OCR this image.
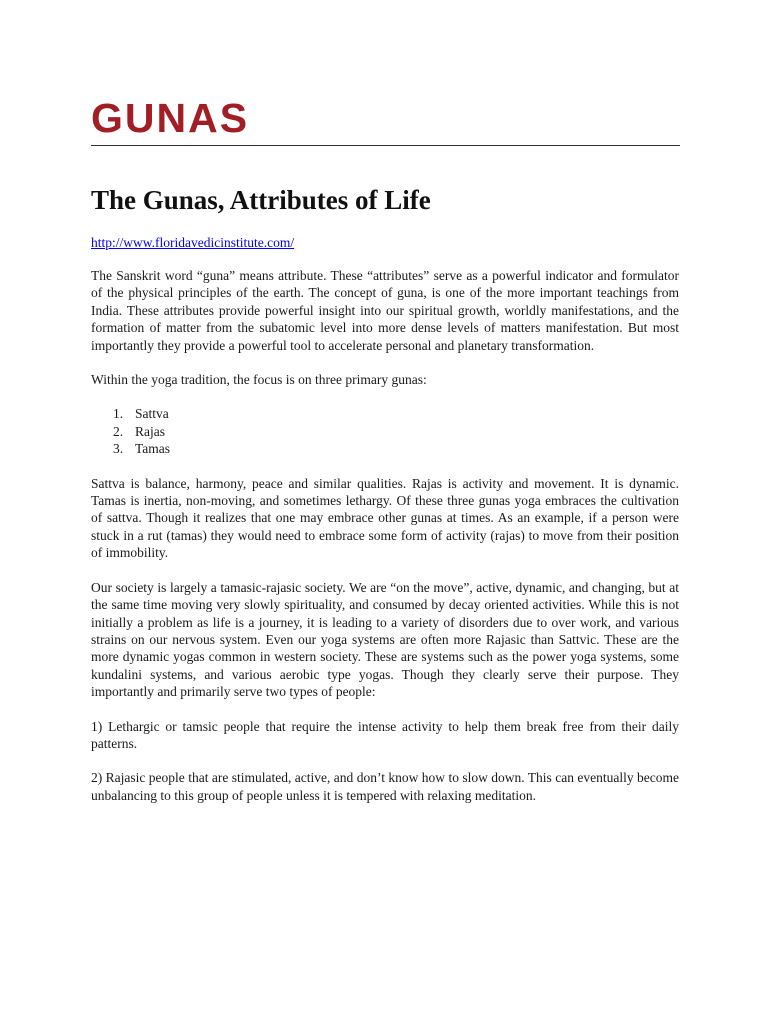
GUNAS
The Gunas, Attributes of Life
http://www.floridavedicinstitute.com/

The Sanskrit word “guna” means attribute. These “attributes” serve as a powerful indicator and formulator of the physical principles of the earth. The concept of guna, is one of the more important teachings from India. These attributes provide powerful insight into our spiritual growth, worldly manifestations, and the formation of matter from the subatomic level into more dense levels of matters manifestation. But most importantly they provide a powerful tool to accelerate personal and planetary transformation.

Within the yoga tradition, the focus is on three primary gunas:

1. Sattva
2. Rajas
3. Tamas

Sattva is balance, harmony, peace and similar qualities. Rajas is activity and movement. It is dynamic. Tamas is inertia, non-moving, and sometimes lethargy. Of these three gunas yoga embraces the cultivation of sattva. Though it realizes that one may embrace other gunas at times. As an example, if a person were stuck in a rut (tamas) they would need to embrace some form of activity (rajas) to move from their position of immobility.

Our society is largely a tamasic-rajasic society. We are “on the move”, active, dynamic, and changing, but at the same time moving very slowly spirituality, and consumed by decay oriented activities. While this is not initially a problem as life is a journey, it is leading to a variety of disorders due to over work, and various strains on our nervous system. Even our yoga systems are often more Rajasic than Sattvic. These are the more dynamic yogas common in western society. These are systems such as the power yoga systems, some kundalini systems, and various aerobic type yogas. Though they clearly serve their purpose. They importantly and primarily serve two types of people:

1) Lethargic or tamsic people that require the intense activity to help them break free from their daily patterns.

2) Rajasic people that are stimulated, active, and don’t know how to slow down. This can eventually become unbalancing to this group of people unless it is tempered with relaxing meditation.
